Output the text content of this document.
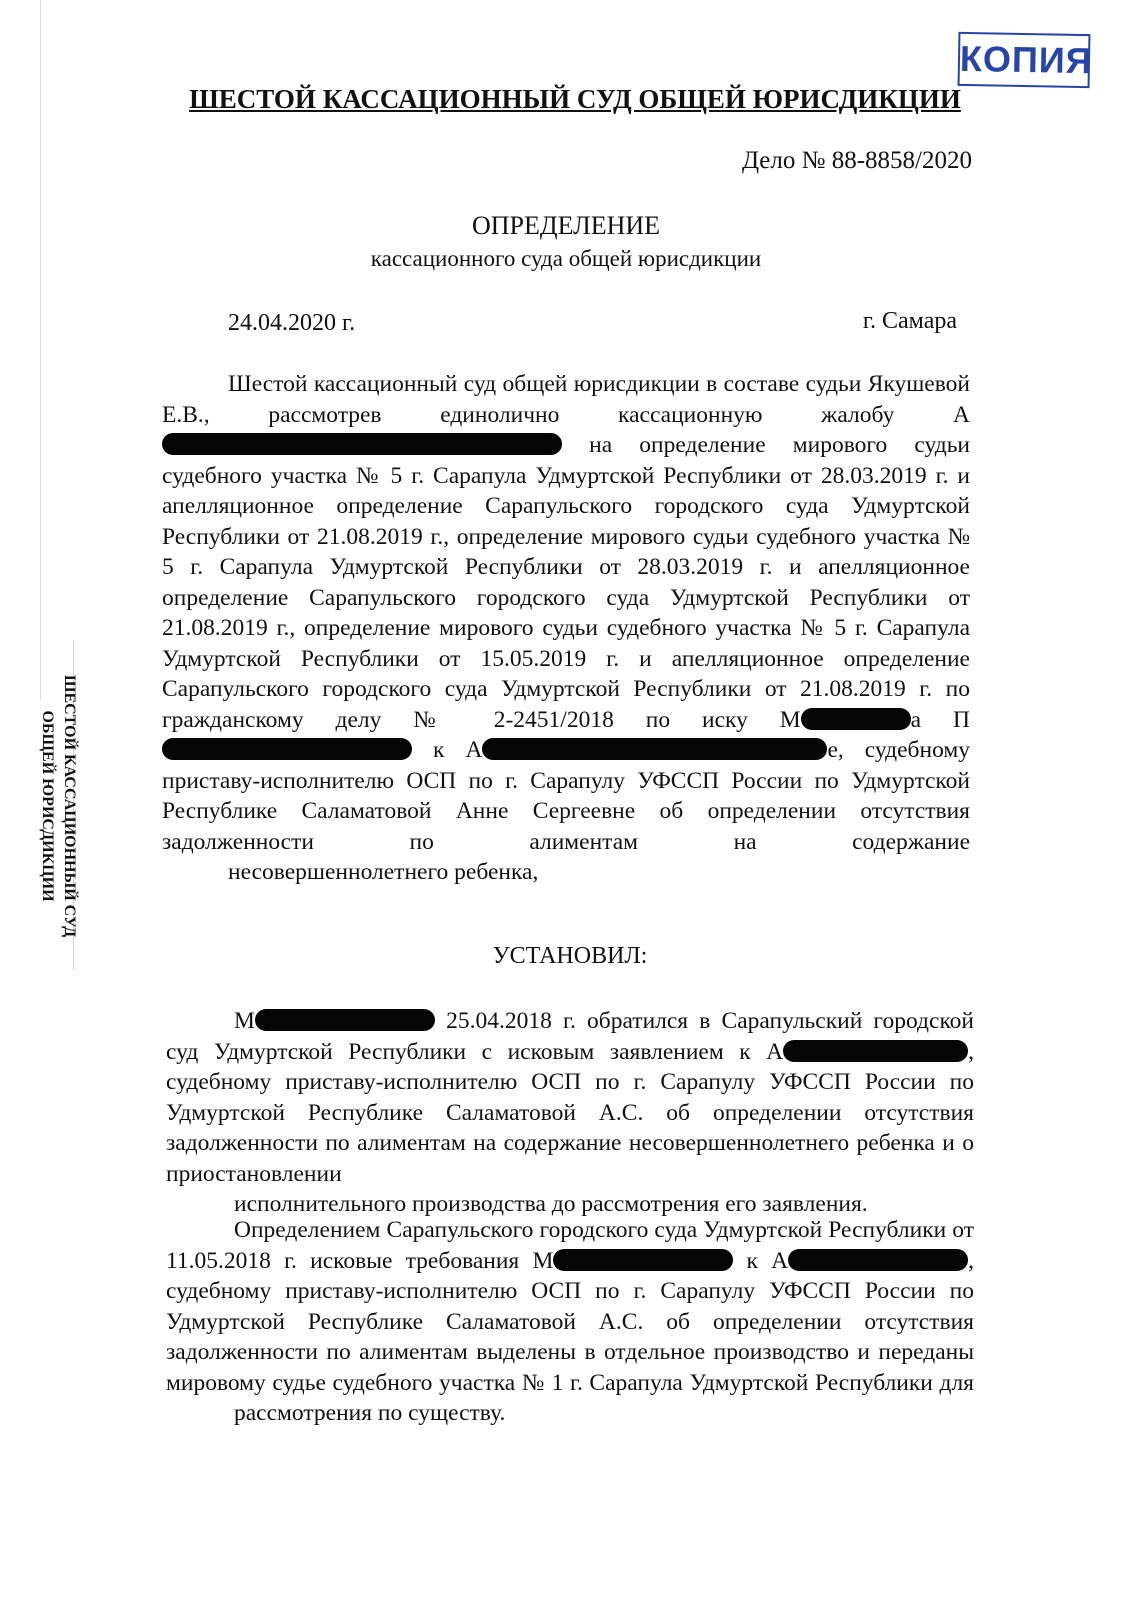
КОПИЯ
ШЕСТОЙ КАССАЦИОННЫЙ СУД
ОБЩЕЙ ЮРИСДИКЦИИ
ШЕСТОЙ КАССАЦИОННЫЙ СУД ОБЩЕЙ ЮРИСДИКЦИИ
Дело № 88-8858/2020
ОПРЕДЕЛЕНИЕ
кассационного суда общей юрисдикции
24.04.2020 г.	г. Самара

Шестой кассационный суд общей юрисдикции в составе судьи Якушевой Е.В., рассмотрев единолично кассационную жалобу А на определение мирового судьи судебного участка № 5 г. Сарапула Удмуртской Республики от 28.03.2019 г. и апелляционное определение Сарапульского городского суда Удмуртской Республики от 21.08.2019 г., определение мирового судьи судебного участка № 5 г. Сарапула Удмуртской Республики от 28.03.2019 г. и апелляционное определение Сарапульского городского суда Удмуртской Республики от 21.08.2019 г., определение мирового судьи судебного участка № 5 г. Сарапула Удмуртской Республики от 15.05.2019 г. и апелляционное определение Сарапульского городского суда Удмуртской Республики от 21.08.2019 г. по гражданскому делу № 2-2451/2018 по иску М	а П к А	е, судебному приставу-исполнителю ОСП по г. Сарапулу УФССП России по Удмуртской Республике Саламатовой Анне Сергеевне об определении отсутствия задолженности по алиментам на содержание
несовершеннолетнего ребенка,

УСТАНОВИЛ:

М	25.04.2018 г. обратился в Сарапульский городской суд Удмуртской Республики с исковым заявлением к А	, судебному приставу-исполнителю ОСП по г. Сарапулу УФССП России по Удмуртской Республике Саламатовой А.С. об определении отсутствия задолженности по алиментам на содержание несовершеннолетнего ребенка и о приостановлении
исполнительного производства до рассмотрения его заявления.

Определением Сарапульского городского суда Удмуртской Республики от 11.05.2018 г. исковые требования М	к А	, судебному приставу-исполнителю ОСП по г. Сарапулу УФССП России по Удмуртской Республике Саламатовой А.С. об определении отсутствия задолженности по алиментам выделены в отдельное производство и переданы мировому судье судебного участка № 1 г. Сарапула Удмуртской Республики для
рассмотрения по существу.
